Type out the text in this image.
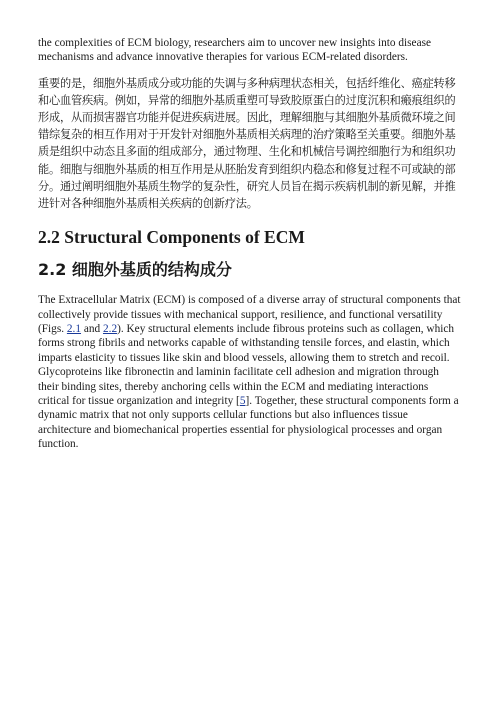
the complexities of ECM biology, researchers aim to uncover new insights into disease mechanisms and advance innovative therapies for various ECM-related disorders.

重要的是，细胞外基质成分或功能的失调与多种病理状态相关，包括纤维化、癌症转移和心血管疾病。例如，异常的细胞外基质重塑可导致胶原蛋白的过度沉积和瘢痕组织的形成，从而损害器官功能并促进疾病进展。因此，理解细胞与其细胞外基质微环境之间错综复杂的相互作用对于开发针对细胞外基质相关病理的治疗策略至关重要。细胞外基质是组织中动态且多面的组成部分，通过物理、生化和机械信号调控细胞行为和组织功能。细胞与细胞外基质的相互作用是从胚胎发育到组织内稳态和修复过程不可或缺的部分。通过阐明细胞外基质生物学的复杂性，研究人员旨在揭示疾病机制的新见解，并推进针对各种细胞外基质相关疾病的创新疗法。

2.2 Structural Components of ECM
2.2 细胞外基质的结构成分

The Extracellular Matrix (ECM) is composed of a diverse array of structural components that collectively provide tissues with mechanical support, resilience, and functional versatility (Figs. 2.1 and 2.2). Key structural elements include fibrous proteins such as collagen, which forms strong fibrils and networks capable of withstanding tensile forces, and elastin, which imparts elasticity to tissues like skin and blood vessels, allowing them to stretch and recoil. Glycoproteins like fibronectin and laminin facilitate cell adhesion and migration through their binding sites, thereby anchoring cells within the ECM and mediating interactions critical for tissue organization and integrity [5]. Together, these structural components form a dynamic matrix that not only supports cellular functions but also influences tissue architecture and biomechanical properties essential for physiological processes and organ function.
